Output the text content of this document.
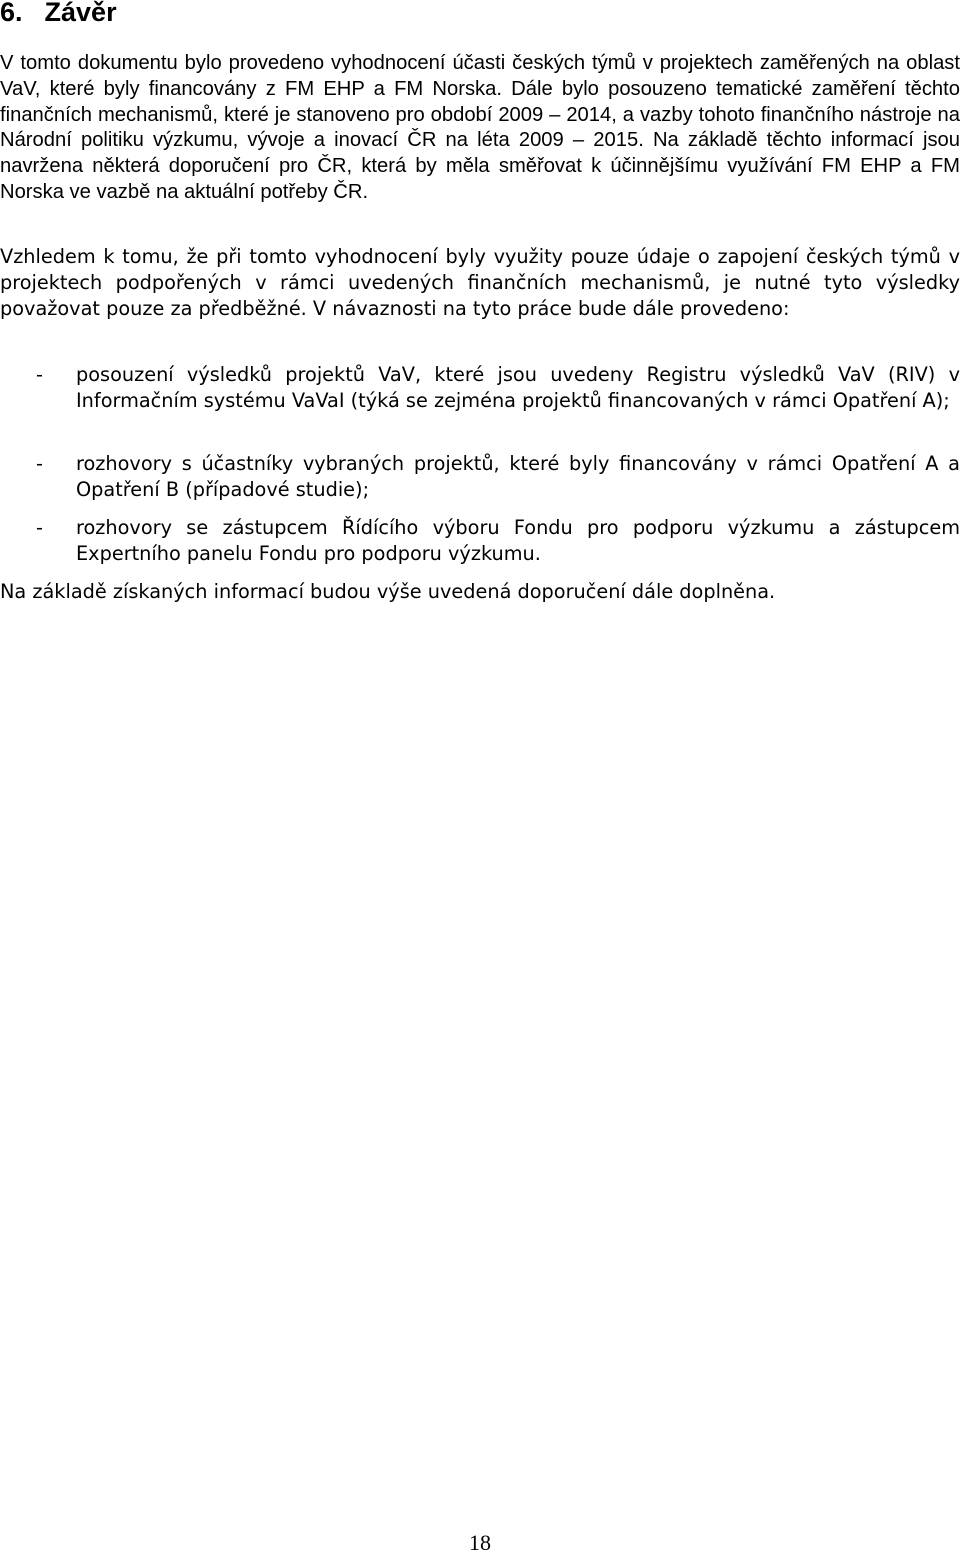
6. Závěr

V tomto dokumentu bylo provedeno vyhodnocení účasti českých týmů v projektech zaměřených na oblast VaV, které byly financovány z FM EHP a FM Norska. Dále bylo posouzeno tematické zaměření těchto finančních mechanismů, které je stanoveno pro období 2009 – 2014, a vazby tohoto finančního nástroje na Národní politiku výzkumu, vývoje a inovací ČR na léta 2009 – 2015. Na základě těchto informací jsou navržena některá doporučení pro ČR, která by měla směřovat k účinnějšímu využívání FM EHP a FM Norska ve vazbě na aktuální potřeby ČR.

Vzhledem k tomu, že při tomto vyhodnocení byly využity pouze údaje o zapojení českých týmů v projektech podpořených v rámci uvedených finančních mechanismů, je nutné tyto výsledky považovat pouze za předběžné. V návaznosti na tyto práce bude dále provedeno:

- posouzení výsledků projektů VaV, které jsou uvedeny Registru výsledků VaV (RIV) v Informačním systému VaVaI (týká se zejména projektů financovaných v rámci Opatření A);
- rozhovory s účastníky vybraných projektů, které byly financovány v rámci Opatření A a Opatření B (případové studie);
- rozhovory se zástupcem Řídícího výboru Fondu pro podporu výzkumu a zástupcem Expertního panelu Fondu pro podporu výzkumu.

Na základě získaných informací budou výše uvedená doporučení dále doplněna.

18
